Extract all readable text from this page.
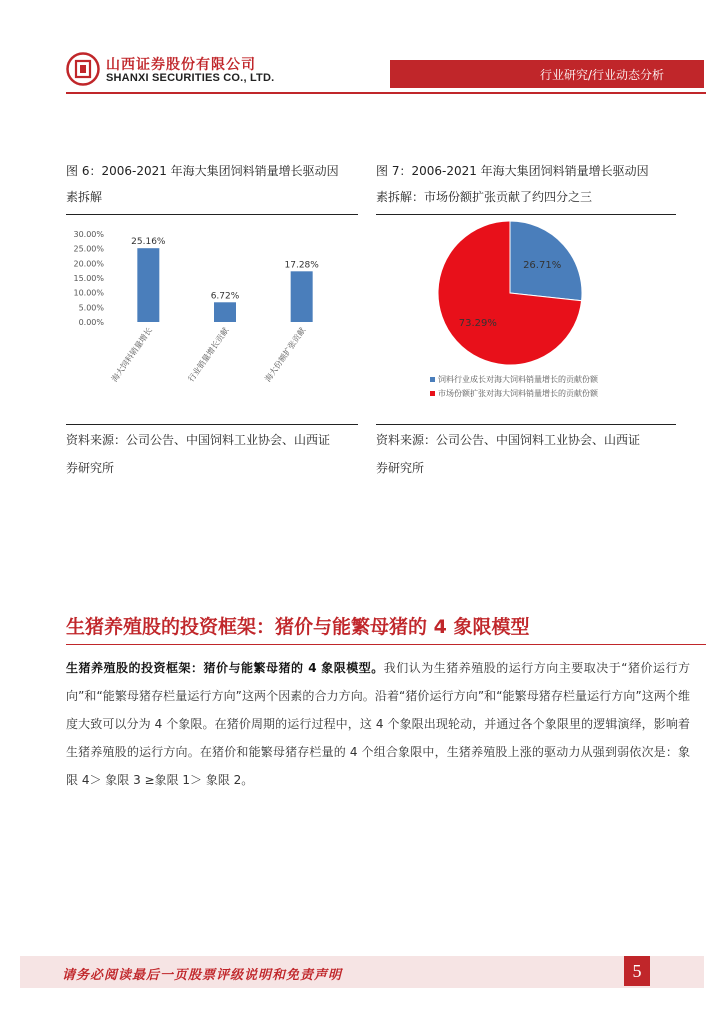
山西证券股份有限公司
SHANXI SECURITIES CO., LTD.	行业研究/行业动态分析
图 6：2006-2021 年海大集团饲料销量增长驱动因
素拆解
图 7：2006-2021 年海大集团饲料销量增长驱动因
素拆解：市场份额扩张贡献了约四分之三
0.00%
5.00%
10.00%
15.00%
20.00%
25.00%
30.00%
25.16%
6.72%
17.28%
海大饲料销量增长	行业销量增长贡献	海大份额扩张贡献
26.71%
73.29%
饲料行业成长对海大饲料销量增长的贡献份额
市场份额扩张对海大饲料销量增长的贡献份额
资料来源：公司公告、中国饲料工业协会、山西证
券研究所
资料来源：公司公告、中国饲料工业协会、山西证
券研究所
生猪养殖股的投资框架：猪价与能繁母猪的 4 象限模型
生猪养殖股的投资框架：猪价与能繁母猪的 4 象限模型。我们认为生猪养殖股的运行方向主要取决于“猪价运行方向”和“能繁母猪存栏量运行方向”这两个因素的合力方向。沿着“猪价运行方向”和“能繁母猪存栏量运行方向”这两个维度大致可以分为 4 个象限。在猪价周期的运行过程中，这 4 个象限出现轮动，并通过各个象限里的逻辑演绎，影响着生猪养殖股的运行方向。在猪价和能繁母猪存栏量的 4 个组合象限中，生猪养殖股上涨的驱动力从强到弱依次是：象限 4＞ 象限 3 ≥象限 1＞ 象限 2。
请务必阅读最后一页股票评级说明和免责声明	5
